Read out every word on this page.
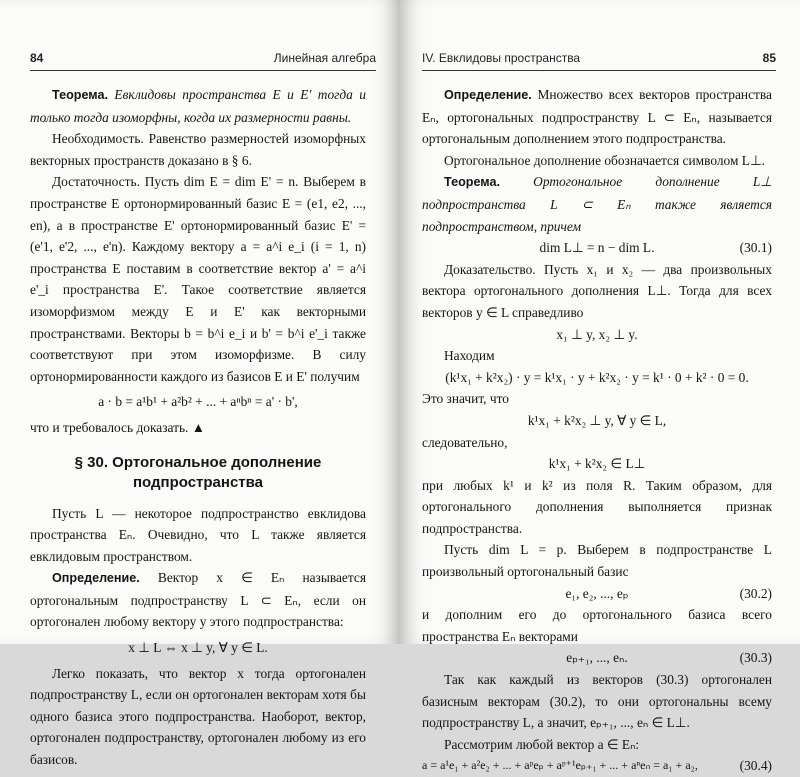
84	Линейная алгебра

Теорема. Евклидовы пространства E и E' тогда и только тогда изоморфны, когда их размерности равны.

Необходимость. Равенство размерностей изоморфных векторных пространств доказано в § 6.

Достаточность. Пусть dim E = dim E' = n. Выберем в пространстве E ортонормированный базис E = (e1, e2, ..., en), а в пространстве E' ортонормированный базис E' = (e'1, e'2, ..., e'n). Каждому вектору a = a^i e_i (i = 1, n) пространства E поставим в соответствие вектор a' = a^i e'_i пространства E'. Такое соответствие является изоморфизмом между E и E' как векторными пространствами. Векторы b = b^i e_i и b' = b^i e'_i также соответствуют при этом изоморфизме. В силу ортонормированности каждого из базисов E и E' получим

a · b = a¹b¹ + a²b² + ... + aⁿbⁿ = a' · b',

что и требовалось доказать. ▲

§ 30. Ортогональное дополнение подпространства

Пусть L — некоторое подпространство евклидова пространства Eₙ. Очевидно, что L также является евклидовым пространством.

Определение. Вектор x ∈ Eₙ называется ортогональным подпространству L ⊂ Eₙ, если он ортогонален любому вектору y этого подпространства:

x ⊥ L ⇔ x ⊥ y, ∀ y ∈ L.

Легко показать, что вектор x тогда ортогонален подпространству L, если он ортогонален векторам хотя бы одного базиса этого подпространства. Наоборот, вектор, ортогонален подпространству, ортогонален любому из его базисов.

IV. Евклидовы пространства	85

Определение. Множество всех векторов пространства Eₙ, ортогональных подпространству L ⊂ Eₙ, называется ортогональным дополнением этого подпространства.

Ортогональное дополнение обозначается символом L⊥.

Теорема. Ортогональное дополнение L⊥ подпространства L ⊂ Eₙ также является подпространством, причем

dim L⊥ = n − dim L.	(30.1)

Доказательство. Пусть x₁ и x₂ — два произвольных вектора ортогонального дополнения L⊥. Тогда для всех векторов y ∈ L справедливо

x₁ ⊥ y, x₂ ⊥ y.

Находим

(k¹x₁ + k²x₂) · y = k¹x₁ · y + k²x₂ · y = k¹ · 0 + k² · 0 = 0.

Это значит, что

k¹x₁ + k²x₂ ⊥ y, ∀ y ∈ L,

следовательно,

k¹x₁ + k²x₂ ∈ L⊥

при любых k¹ и k² из поля R. Таким образом, для ортогонального дополнения выполняется признак подпространства.

Пусть dim L = p. Выберем в подпространстве L произвольный ортогональный базис

e₁, e₂, ..., eₚ	(30.2)

и дополним его до ортогонального базиса всего пространства Eₙ векторами

eₚ₊₁, ..., eₙ.	(30.3)

Так как каждый из векторов (30.3) ортогонален базисным векторам (30.2), то они ортогональны всему подпространству L, а значит, eₚ₊₁, ..., eₙ ∈ L⊥.

Рассмотрим любой вектор a ∈ Eₙ:

a = a¹e₁ + a²e₂ + ... + aᵖeₚ + aᵖ⁺¹eₚ₊₁ + ... + aⁿeₙ = a₁ + a₂,	(30.4)
